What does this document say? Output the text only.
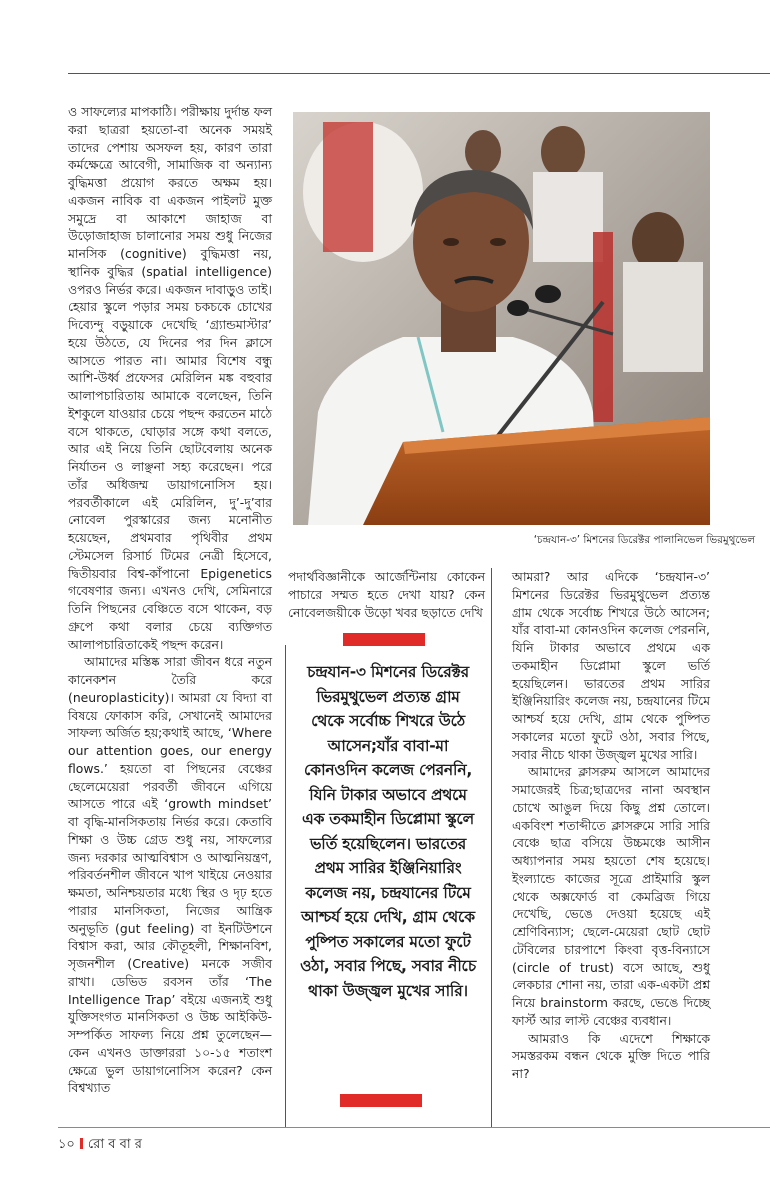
ও সাফল্যের মাপকাঠি। পরীক্ষায় দুর্দান্ত ফল করা ছাত্ররা হয়তো-বা অনেক সময়ই তাদের পেশায় অসফল হয়, কারণ তারা কর্মক্ষেত্রে আবেগী, সামাজিক বা অন্যান্য বুদ্ধিমত্তা প্রয়োগ করতে অক্ষম হয়। একজন নাবিক বা একজন পাইলট মুক্ত সমুদ্রে বা আকাশে জাহাজ বা উড়োজাহাজ চালানোর সময় শুধু নিজের মানসিক (cognitive) বুদ্ধিমত্তা নয়, স্থানিক বুদ্ধির (spatial intelligence) ওপরও নির্ভর করে। একজন দাবাড়ুও তাই। হেয়ার স্কুলে পড়ার সময় চকচকে চোখের দিব্যেন্দু বড়ুয়াকে দেখেছি ‘গ্র্যান্ডমাস্টার’ হয়ে উঠতে, যে দিনের পর দিন ক্লাসে আসতে পারত না। আমার বিশেষ বন্ধু আশি-উর্ধ্ব প্রফেসর মেরিলিন মঙ্ক বহুবার আলাপচারিতায় আমাকে বলেছেন, তিনি ইশকুলে যাওয়ার চেয়ে পছন্দ করতেন মাঠে বসে থাকতে, ঘোড়ার সঙ্গে কথা বলতে, আর এই নিয়ে তিনি ছোটবেলায় অনেক নির্যাতন ও লাঞ্ছনা সহ্য করেছেন। পরে তাঁর অধিজম্ম ডায়াগনোসিস হয়। পরবর্তীকালে এই মেরিলিন, দু’-দু’বার নোবেল পুরস্কারের জন্য মনোনীত হয়েছেন, প্রথমবার পৃথিবীর প্রথম স্টেমসেল রিসার্চ টিমের নেত্রী হিসেবে, দ্বিতীয়বার বিশ্ব-কাঁপানো Epigenetics গবেষণার জন্য। এখনও দেখি, সেমিনারে তিনি পিছনের বেঞ্চিতে বসে থাকেন, বড় গ্রুপে কথা বলার চেয়ে ব্যক্তিগত আলাপচারিতাকেই পছন্দ করেন।

আমাদের মস্তিষ্ক সারা জীবন ধরে নতুন কানেকশন তৈরি করে (neuroplasticity)। আমরা যে বিদ্যা বা বিষয়ে ফোকাস করি, সেখানেই আমাদের সাফল্য অর্জিত হয়;কথাই আছে, ‘Where our attention goes, our energy flows.’ হয়তো বা পিছনের বেঞ্চের ছেলেমেয়েরা পরবর্তী জীবনে এগিয়ে আসতে পারে এই ‘growth mindset’ বা বৃদ্ধি-মানসিকতায় নির্ভর করে। কেতাবি শিক্ষা ও উচ্চ গ্রেড শুধু নয়, সাফল্যের জন্য দরকার আত্মবিশ্বাস ও আত্মনিয়ন্ত্রণ, পরিবর্তনশীল জীবনে খাপ খাইয়ে নেওয়ার ক্ষমতা, অনিশ্চয়তার মধ্যে স্থির ও দৃঢ় হতে পারার মানসিকতা, নিজের আন্ত্রিক অনুভূতি (gut feeling) বা ইনটিউশনে বিশ্বাস করা, আর কৌতূহলী, শিক্ষানবিশ, সৃজনশীল (Creative) মনকে সজীব রাখা। ডেভিড রবসন তাঁর ‘The Intelligence Trap’ বইয়ে এজন্যই শুধু যুক্তিসংগত মানসিকতা ও উচ্চ আইকিউ-সম্পর্কিত সাফল্য নিয়ে প্রশ্ন তুলেছেন— কেন এখনও ডাক্তাররা ১০-১৫ শতাংশ ক্ষেত্রে ভুল ডায়াগনোসিস করেন? কেন বিশ্বখ্যাত

‘চন্দ্রযান-৩’ মিশনের ডিরেক্টর পালানিভেল ভিরমুথুভেল

পদার্থবিজ্ঞানীকে আর্জেন্টিনায় কোকেন পাচারে সম্মত হতে দেখা যায়? কেন নোবেলজয়ীকে উড়ো খবর ছড়াতে দেখি

চন্দ্রযান-৩ মিশনের ডিরেক্টর ভিরমুথুভেল প্রত্যন্ত গ্রাম থেকে সর্বোচ্চ শিখরে উঠে আসেন;যাঁর বাবা-মা কোনওদিন কলেজ পেরননি, যিনি টাকার অভাবে প্রথমে এক তকমাহীন ডিপ্লোমা স্কুলে ভর্তি হয়েছিলেন। ভারতের প্রথম সারির ইঞ্জিনিয়ারিং কলেজ নয়, চন্দ্রযানের টিমে আশ্চর্য হয়ে দেখি, গ্রাম থেকে পুষ্পিত সকালের মতো ফুটে ওঠা, সবার পিছে, সবার নীচে থাকা উজ্জ্বল মুখের সারি।

আমরা? আর এদিকে ‘চন্দ্রযান-৩’ মিশনের ডিরেক্টর ভিরমুথুভেল প্রত্যন্ত গ্রাম থেকে সর্বোচ্চ শিখরে উঠে আসেন; যাঁর বাবা-মা কোনওদিন কলেজ পেরননি, যিনি টাকার অভাবে প্রথমে এক তকমাহীন ডিপ্লোমা স্কুলে ভর্তি হয়েছিলেন। ভারতের প্রথম সারির ইঞ্জিনিয়ারিং কলেজ নয়, চন্দ্রযানের টিমে আশ্চর্য হয়ে দেখি, গ্রাম থেকে পুষ্পিত সকালের মতো ফুটে ওঠা, সবার পিছে, সবার নীচে থাকা উজ্জ্বল মুখের সারি।

আমাদের ক্লাসরুম আসলে আমাদের সমাজেরই চিত্র;ছাত্রদের নানা অবস্থান চোখে আঙুল দিয়ে কিছু প্রশ্ন তোলে। একবিংশ শতাব্দীতে ক্লাসরুমে সারি সারি বেঞ্চে ছাত্র বসিয়ে উচ্চমঞ্চে আসীন অধ্যাপনার সময় হয়তো শেষ হয়েছে। ইংল্যান্ডে কাজের সূত্রে প্রাইমারি স্কুল থেকে অক্সফোর্ড বা কেমব্রিজ গিয়ে দেখেছি, ভেঙে দেওয়া হয়েছে এই শ্রেণিবিন্যাস; ছেলে-মেয়েরা ছোট ছোট টেবিলের চারপাশে কিংবা বৃত্ত-বিন্যাসে (circle of trust) বসে আছে, শুধু লেকচার শোনা নয়, তারা এক-একটা প্রশ্ন নিয়ে brainstorm করছে, ভেঙে দিচ্ছে ফার্স্ট আর লাস্ট বেঞ্চের ব্যবধান।

আমরাও কি এদেশে শিক্ষাকে সমস্তরকম বন্ধন থেকে মুক্তি দিতে পারি না?

১০ রো ব বা র
